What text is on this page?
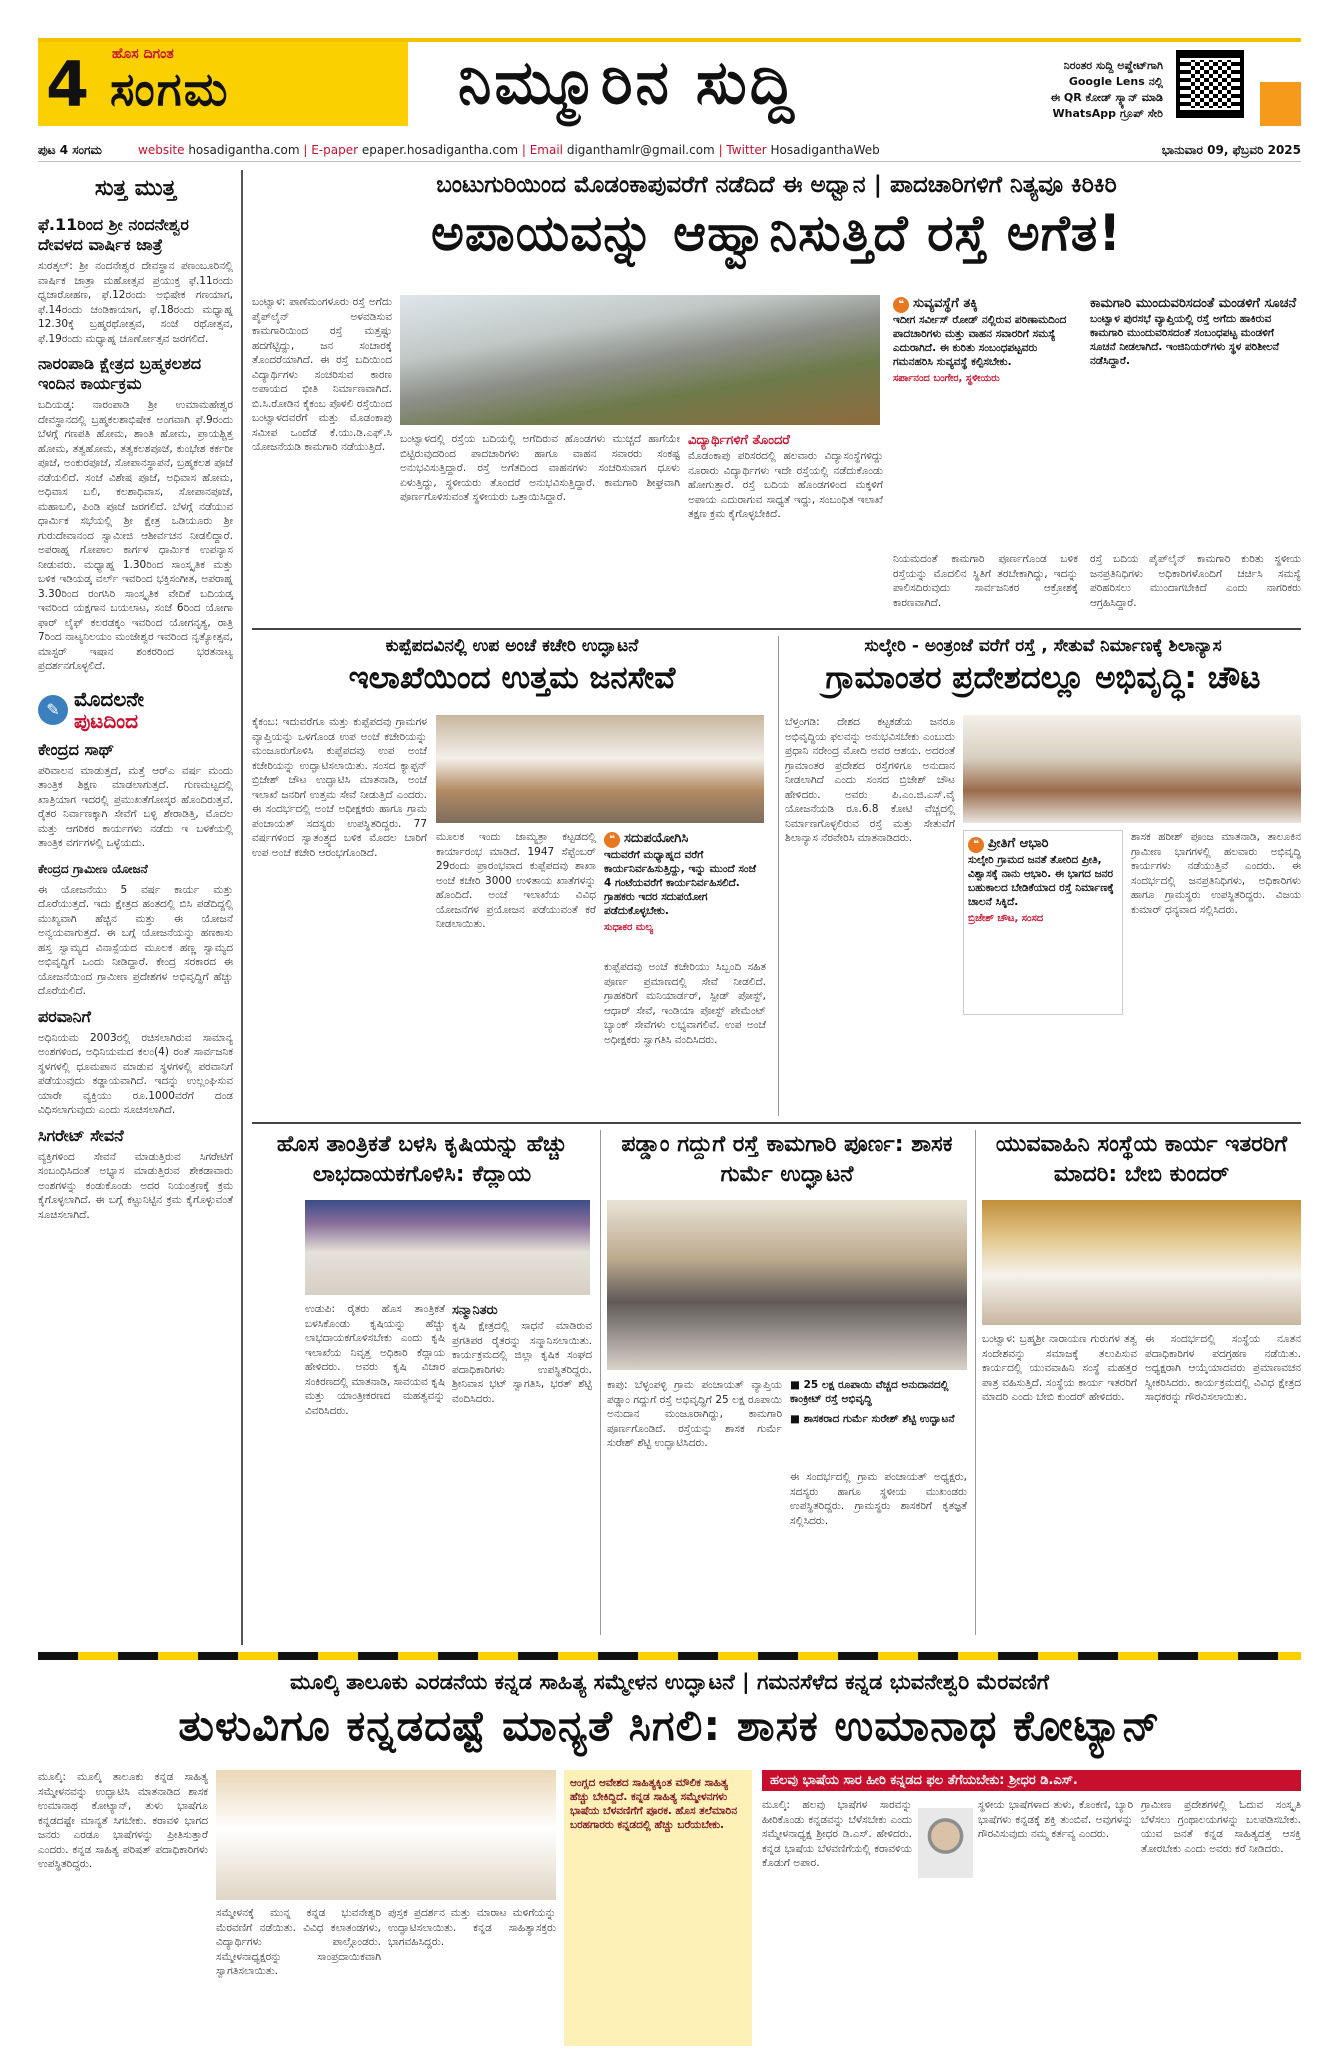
4 ಹೊಸ ದಿಗಂತ
ಸಂಗಮ	ನಿಮ್ಮೂರಿನ ಸುದ್ದಿ	ನಿರಂತರ ಸುದ್ದಿ ಅಪ್ಡೇಟ್‌ಗಾಗಿ
Google Lens ನಲ್ಲಿ
ಈ QR ಕೋಡ್ ಸ್ಕ್ಯಾನ್ ಮಾಡಿ
WhatsApp ಗ್ರೂಪ್ ಸೇರಿ
ಪುಟ 4 ಸಂಗಮ	website hosadigantha.com | E-paper epaper.hosadigantha.com | Email diganthamlr@gmail.com | Twitter HosadiganthaWeb	ಭಾನುವಾರ 09, ಫೆಬ್ರವರಿ 2025
ಸುತ್ತ ಮುತ್ತ
ಫೆ.11ರಿಂದ ಶ್ರೀ ನಂದನೇಶ್ವರ ದೇವಳದ ವಾರ್ಷಿಕ ಜಾತ್ರೆ
ಸುರತ್ಕಲ್: ಶ್ರೀ ನಂದನೇಶ್ವರ ದೇವಸ್ಥಾನ ಪಣಂಬೂರಿನಲ್ಲಿ ವಾರ್ಷಿಕ ಜಾತ್ರಾ ಮಹೋತ್ಸವ ಪ್ರಯುಕ್ತ ಫೆ.11ರಂದು ಧ್ವಜಾರೋಹಣ, ಫೆ.12ರಂದು ಅಭಿಷೇಕ ಗಣಯಾಗ, ಫೆ.14ರಂದು ಚಂಡಿಕಾಯಾಗ, ಫೆ.18ರಂದು ಮಧ್ಯಾಹ್ನ 12.30ಕ್ಕೆ ಬ್ರಹ್ಮರಥೋತ್ಸವ, ಸಂಜೆ ರಥೋತ್ಸವ, ಫೆ.19ರಂದು ಮಧ್ಯಾಹ್ನ ಚೂರ್ಣೋತ್ಸವ ಜರಗಲಿದೆ.
ನಾರಂಪಾಡಿ ಕ್ಷೇತ್ರದ ಬ್ರಹ್ಮಕಲಶದ ಇಂದಿನ ಕಾರ್ಯಕ್ರಮ
ಬದಿಯಡ್ಕ: ನಾರಂಪಾಡಿ ಶ್ರೀ ಉಮಾಮಹೇಶ್ವರ ದೇವಸ್ಥಾನದಲ್ಲಿ ಬ್ರಹ್ಮಕಲಶಾಭಿಷೇಕ ಅಂಗವಾಗಿ ಫೆ.9ರಂದು ಬೆಳಗ್ಗೆ ಗಣಪತಿ ಹೋಮ, ಶಾಂತಿ ಹೋಮ, ಪ್ರಾಯಶ್ಚಿತ್ತ ಹೋಮ, ತತ್ವಹೋಮ, ತತ್ವಕಲಶಪೂಜೆ, ಕುಂಭೇಶ ಕರ್ಕರೀ ಪೂಜೆ, ಅಂಕುರಪೂಜೆ, ಸೋಪಾನಸ್ಥಾಪನೆ, ಬ್ರಹ್ಮಕಲಶ ಪೂಜೆ ನಡೆಯಲಿದೆ. ಸಂಜೆ ವಿಶೇಷ ಪೂಜೆ, ಅಧಿವಾಸ ಹೋಮ, ಅಧಿವಾಸ ಬಲಿ, ಕಲಶಾಧಿವಾಸ, ಸೋಪಾನಪೂಜೆ, ಮಹಾಬಲಿ, ಪಿಂಡಿ ಪೂಜೆ ಜರಗಲಿದೆ. ಬೆಳಗ್ಗೆ ನಡೆಯುವ ಧಾರ್ಮಿಕ ಸಭೆಯಲ್ಲಿ ಶ್ರೀ ಕ್ಷೇತ್ರ ಒಡಿಯೂರು ಶ್ರೀ ಗುರುದೇವಾನಂದ ಸ್ವಾಮೀಜಿ ಆಶೀರ್ವಚನ ನೀಡಲಿದ್ದಾರೆ. ಅಪರಾಹ್ನ ಗೋಪಾಲ ಕಾರ್ಗಳ ಧಾರ್ಮಿಕ ಉಪನ್ಯಾಸ ನೀಡುವರು. ಮಧ್ಯಾಹ್ನ 1.30ರಿಂದ ಸಾಂಸ್ಕೃತಿಕ ಮತ್ತು ಬಳಿಕ ಇಡಿಯಡ್ಕ ವರ್ಲ್ ಇವರಿಂದ ಭಕ್ತಿಸಂಗೀತ, ಅಪರಾಹ್ನ 3.30ರಿಂದ ರಂಗಸಿರಿ ಸಾಂಸ್ಕೃತಿಕ ವೇದಿಕೆ ಬದಿಯಡ್ಕ ಇವರಿಂದ ಯಕ್ಷಗಾನ ಬಯಲಾಟ, ಸಂಜೆ 6ರಿಂದ ಯೋಗಾ ಫಾರ್ ಲೈಫ್ ಕಲರಡಕ್ಕಂ ಇವರಿಂದ ಯೋಗನೃತ್ಯ, ರಾತ್ರಿ 7ರಿಂದ ನಾಟ್ಯನಿಲಯಂ ಮಂಜೇಶ್ವರ ಇವರಿಂದ ನೃತ್ಯೋತ್ಸವ, ಮಾಸ್ಟರ್ ಇಷಾನ ಶಂಕರರಿಂದ ಭರತನಾಟ್ಯ ಪ್ರದರ್ಶನಗೊಳ್ಳಲಿದೆ.
✎ ಮೊದಲನೇ
ಪುಟದಿಂದ
ಕೇಂದ್ರದ ಸಾಥ್
ಪರಿವಾಲನ ಮಾಡುತ್ತದೆ, ಮತ್ತೆ ಆರ್‌ಎ ವರ್ಷ ಮಂದು ತಾಂತ್ರಿಕ ಶಿಕ್ಷಣ ಮಾಡಲಾಗುತ್ತದೆ. ಗುಣಮಟ್ಟದಲ್ಲಿ ಖಾತ್ರಿಯಾಗ ಇದರಲ್ಲಿ ಪ್ರಮುಖತೆಗೋಸ್ಕರ ಹೊಂದಿರುತ್ತವೆ. ರೈತರ ನಿರ್ವಾಣಕ್ಕಾಗಿ ಸೇವೆಗೆ ಬಳ್ಳಿ ಶೇರಾಡಿತ್ತಿ, ಮೊದಲ ಮತ್ತು ಆಗರಿಕರ ಕಾರ್ಯಗಳು ನಡೆದು ಇ ಬಳಕೆಯಲ್ಲಿ ತಾಂತ್ರಿಕ ವರ್ಗಗಳಲ್ಲಿ ಒಳ್ಳೆಯದು.
ಕೇಂದ್ರದ ಗ್ರಾಮೀಣ ಯೋಜನೆ
ಈ ಯೋಜನೆಯು 5 ವರ್ಷ ಕಾರ್ಯ ಮತ್ತು ದೊರೆಯುತ್ತದೆ. ಇದು ಕ್ಷೇತ್ರದ ಹಂತದಲ್ಲಿ ಬಿಸಿ ಪಡೆದಿದ್ದಲ್ಲಿ ಮುಖ್ಯವಾಗಿ ಹೆಚ್ಚಿನ ಮತ್ತು ಈ ಯೋಜನೆ ಅನ್ವಯವಾಗುತ್ತದೆ. ಈ ಬಗ್ಗೆ ಯೋಜನೆಯನ್ನು ಹಣಕಾಸು ಹಸ್ತ ಸ್ವಾಮ್ಯದ ವಿನಾಸ್ಪೆಯದ ಮೂಲಕ ಹಣ್ಣ ಸ್ವಾಮ್ಯದ ಅಭಿವೃದ್ಧಿಗೆ ಒಂದು ನೀಡಿದ್ದಾರೆ. ಕೇಂದ್ರ ಸರಕಾರದ ಈ ಯೋಜನೆಯಿಂದ ಗ್ರಾಮೀಣ ಪ್ರದೇಶಗಳ ಅಭಿವೃದ್ಧಿಗೆ ಹೆಚ್ಚು ದೊರೆಯಲಿದೆ.
ಪರವಾನಿಗೆ
ಅಧಿನಿಯಮ 2003ರಲ್ಲಿ ರಚಿಸಲಾಗಿರುವ ಸಾಮಾನ್ಯ ಅಂಶಗಳಿಂದ, ಅಧಿನಿಯಮದ ಕಲಂ(4) ರಂತೆ ಸಾರ್ವಜನಿಕ ಸ್ಥಳಗಳಲ್ಲಿ ಧೂಮಪಾನ ಮಾಡುವ ಸ್ಥಳಗಳಲ್ಲಿ ಪರವಾನಿಗೆ ಪಡೆಯುವುದು ಕಡ್ಡಾಯವಾಗಿದೆ. ಇದನ್ನು ಉಲ್ಲಂಘಿಸುವ ಯಾರೇ ವ್ಯಕ್ತಿಯು ರೂ.1000ವರೆಗೆ ದಂಡ ವಿಧಿಸಲಾಗುವುದು ಎಂದು ಸೂಚಿಸಲಾಗಿದೆ.
ಸಿಗರೇಟ್ ಸೇವನೆ
ವ್ಯಕ್ತಿಗಳಿಂದ ಸೇವನೆ ಮಾಡುತ್ತಿರುವ ಸಿಗರೇಟಿಗೆ ಸಂಬಂಧಿಸಿದಂತೆ ಅಭ್ಯಾಸ ಮಾಡುತ್ತಿರುವ ಶೇಕಡಾವಾರು ಅಂಶಗಳನ್ನು ಕಂಡುಕೊಂಡು ಅದರ ನಿಯಂತ್ರಣಕ್ಕೆ ಕ್ರಮ ಕೈಗೊಳ್ಳಲಾಗಿದೆ. ಈ ಬಗ್ಗೆ ಕಟ್ಟುನಿಟ್ಟಿನ ಕ್ರಮ ಕೈಗೊಳ್ಳುವಂತೆ ಸೂಚಿಸಲಾಗಿದೆ.
ಬಂಟುಗುರಿಯಿಂದ ಮೊಡಂಕಾಪುವರೆಗೆ ನಡೆದಿದೆ ಈ ಅಧ್ವಾನ | ಪಾದಚಾರಿಗಳಿಗೆ ನಿತ್ಯವೂ ಕಿರಿಕಿರಿ
ಅಪಾಯವನ್ನು ಆಹ್ವಾನಿಸುತ್ತಿದೆ ರಸ್ತೆ ಅಗೆತ!
ಬಂಟ್ವಾಳ: ಪಾಣೆಮಂಗಳೂರು ರಸ್ತೆ ಅಗೆದು ಪೈಪ್‌ಲೈನ್ ಅಳವಡಿಸುವ ಕಾಮಗಾರಿಯಿಂದ ರಸ್ತೆ ಮತ್ತಷ್ಟು ಹದಗೆಟ್ಟಿದ್ದು, ಜನ ಸಂಚಾರಕ್ಕೆ ತೊಂದರೆಯಾಗಿದೆ. ಈ ರಸ್ತೆ ಬದಿಯಿಂದ ವಿದ್ಯಾರ್ಥಿಗಳು ಸಂಚರಿಸುವ ಕಾರಣ ಅಪಾಯದ ಭೀತಿ ನಿರ್ಮಾಣವಾಗಿದೆ. ಬಿ.ಸಿ.ರೋಡಿನ ಕೈಕಂಬ ಪೊಳಲಿ ರಸ್ತೆಯಿಂದ ಬಂಟ್ವಾಳದವರೆಗೆ ಮತ್ತು ಮೊಡಂಕಾಪು ಸಮೀಪ ಒಂದೆಡೆ ಕೆ.ಯು.ಡಿ.ಎಫ್.ಸಿ ಯೋಜನೆಯಡಿ ಕಾಮಗಾರಿ ನಡೆಯುತ್ತಿದೆ.
ಬಂಟ್ವಾಳದಲ್ಲಿ ರಸ್ತೆಯ ಬದಿಯಲ್ಲಿ ಅಗೆದಿರುವ ಹೊಂಡಗಳು ಮುಚ್ಚದೆ ಹಾಗೆಯೇ ಬಿಟ್ಟಿರುವುದರಿಂದ ಪಾದಚಾರಿಗಳು ಹಾಗೂ ವಾಹನ ಸವಾರರು ಸಂಕಷ್ಟ ಅನುಭವಿಸುತ್ತಿದ್ದಾರೆ. ರಸ್ತೆ ಅಗೆತದಿಂದ ವಾಹನಗಳು ಸಂಚರಿಸುವಾಗ ಧೂಳು ಏಳುತ್ತಿದ್ದು, ಸ್ಥಳೀಯರು ತೊಂದರೆ ಅನುಭವಿಸುತ್ತಿದ್ದಾರೆ. ಕಾಮಗಾರಿ ಶೀಘ್ರವಾಗಿ ಪೂರ್ಣಗೊಳಿಸುವಂತೆ ಸ್ಥಳೀಯರು ಒತ್ತಾಯಿಸಿದ್ದಾರೆ.
ವಿದ್ಯಾರ್ಥಿಗಳಿಗೆ ತೊಂದರೆ
ಮೊಡಂಕಾಪು ಪರಿಸರದಲ್ಲಿ ಹಲವಾರು ವಿದ್ಯಾಸಂಸ್ಥೆಗಳಿದ್ದು ನೂರಾರು ವಿದ್ಯಾರ್ಥಿಗಳು ಇದೇ ರಸ್ತೆಯಲ್ಲಿ ನಡೆದುಕೊಂಡು ಹೋಗುತ್ತಾರೆ. ರಸ್ತೆ ಬದಿಯ ಹೊಂಡಗಳಿಂದ ಮಕ್ಕಳಿಗೆ ಅಪಾಯ ಎದುರಾಗುವ ಸಾಧ್ಯತೆ ಇದ್ದು, ಸಂಬಂಧಿತ ಇಲಾಖೆ ತಕ್ಷಣ ಕ್ರಮ ಕೈಗೊಳ್ಳಬೇಕಿದೆ.
❝ ಸುವ್ಯವಸ್ಥೆಗೆ ತಕ್ಕಿ
ಇದೀಗ ಸರ್ವೀಸ್ ರೋಡ್ ನಲ್ಲಿರುವ ಪರಿಣಾಮದಿಂದ ಪಾದಚಾರಿಗಳು ಮತ್ತು ವಾಹನ ಸವಾರರಿಗೆ ಸಮಸ್ಯೆ ಎದುರಾಗಿದೆ. ಈ ಕುರಿತು ಸಂಬಂಧಪಟ್ಟವರು ಗಮನಹರಿಸಿ ಸುವ್ಯವಸ್ಥೆ ಕಲ್ಪಿಸಬೇಕು.
ಸರ್ಪಾನಂದ ಬಂಗೇರ, ಸ್ಥಳೀಯರು
ಕಾಮಗಾರಿ ಮುಂದುವರಿಸದಂತೆ ಮಂಡಳಿಗೆ ಸೂಚನೆ
ಬಂಟ್ವಾಳ ಪುರಸಭೆ ವ್ಯಾಪ್ತಿಯಲ್ಲಿ ರಸ್ತೆ ಅಗೆದು ಹಾಕಿರುವ ಕಾಮಗಾರಿ ಮುಂದುವರಿಸದಂತೆ ಸಂಬಂಧಪಟ್ಟ ಮಂಡಳಿಗೆ ಸೂಚನೆ ನೀಡಲಾಗಿದೆ. ಇಂಜಿನಿಯರ್‌ಗಳು ಸ್ಥಳ ಪರಿಶೀಲನೆ ನಡೆಸಿದ್ದಾರೆ.
ನಿಯಮದಂತೆ ಕಾಮಗಾರಿ ಪೂರ್ಣಗೊಂಡ ಬಳಿಕ ರಸ್ತೆಯನ್ನು ಮೊದಲಿನ ಸ್ಥಿತಿಗೆ ತರಬೇಕಾಗಿದ್ದು, ಇದನ್ನು ಪಾಲಿಸದಿರುವುದು ಸಾರ್ವಜನಿಕರ ಆಕ್ರೋಶಕ್ಕೆ ಕಾರಣವಾಗಿದೆ.
ರಸ್ತೆ ಬದಿಯ ಪೈಪ್‌ಲೈನ್ ಕಾಮಗಾರಿ ಕುರಿತು ಸ್ಥಳೀಯ ಜನಪ್ರತಿನಿಧಿಗಳು ಅಧಿಕಾರಿಗಳೊಂದಿಗೆ ಚರ್ಚಿಸಿ ಸಮಸ್ಯೆ ಪರಿಹರಿಸಲು ಮುಂದಾಗಬೇಕಿದೆ ಎಂದು ನಾಗರಿಕರು ಆಗ್ರಹಿಸಿದ್ದಾರೆ.
ಕುಪ್ಪೆಪದವಿನಲ್ಲಿ ಉಪ ಅಂಚೆ ಕಚೇರಿ ಉದ್ಘಾಟನೆ
ಇಲಾಖೆಯಿಂದ ಉತ್ತಮ ಜನಸೇವೆ
ಕೈಕಂಬ: ಇದುವರೆಗೂ ಮತ್ತು ಕುಪ್ಪೆಪದವು ಗ್ರಾಮಗಳ ವ್ಯಾಪ್ತಿಯನ್ನು ಒಳಗೊಂಡ ಉಪ ಅಂಚೆ ಕಚೇರಿಯನ್ನು ಮಂಜೂರುಗೊಳಿಸಿ ಕುಪ್ಪೆಪದವು ಉಪ ಅಂಚೆ ಕಚೇರಿಯನ್ನು ಉದ್ಘಾಟಿಸಲಾಯಿತು. ಸಂಸದ ಕ್ಯಾಪ್ಟನ್ ಬ್ರಿಜೇಶ್ ಚೌಟ ಉದ್ಘಾಟಿಸಿ ಮಾತನಾಡಿ, ಅಂಚೆ ಇಲಾಖೆ ಜನರಿಗೆ ಉತ್ತಮ ಸೇವೆ ನೀಡುತ್ತಿದೆ ಎಂದರು. ಈ ಸಂದರ್ಭದಲ್ಲಿ ಅಂಚೆ ಅಧೀಕ್ಷಕರು ಹಾಗೂ ಗ್ರಾಮ ಪಂಚಾಯತ್ ಸದಸ್ಯರು ಉಪಸ್ಥಿತರಿದ್ದರು. 77 ವರ್ಷಗಳಿಂದ ಸ್ವಾತಂತ್ರ್ಯದ ಬಳಿಕ ಮೊದಲ ಬಾರಿಗೆ ಉಪ ಅಂಚೆ ಕಚೇರಿ ಆರಂಭಗೊಂಡಿದೆ.
ಮೂಲಕ ಇಂದು ಜಾಮ್ಯತ್ರಾ ಕಟ್ಟಡದಲ್ಲಿ ಕಾರ್ಯಾರಂಭ ಮಾಡಿದೆ. 1947 ಸೆಪ್ಟೆಂಬರ್ 29ರಂದು ಪ್ರಾರಂಭವಾದ ಕುಪ್ಪೆಪದವು ಶಾಖಾ ಅಂಚೆ ಕಚೇರಿ 3000 ಉಳಿತಾಯ ಖಾತೆಗಳನ್ನು ಹೊಂದಿದೆ. ಅಂಚೆ ಇಲಾಖೆಯ ವಿವಿಧ ಯೋಜನೆಗಳ ಪ್ರಯೋಜನ ಪಡೆಯುವಂತೆ ಕರೆ ನೀಡಲಾಯಿತು.
❝ ಸದುಪಯೋಗಿಸಿ
ಇದುವರೆಗೆ ಮಧ್ಯಾಹ್ನದ ವರೆಗೆ ಕಾರ್ಯನಿರ್ವಹಿಸುತ್ತಿದ್ದು, ಇನ್ನು ಮುಂದೆ ಸಂಜೆ 4 ಗಂಟೆಯವರೆಗೆ ಕಾರ್ಯನಿರ್ವಹಿಸಲಿದೆ. ಗ್ರಾಹಕರು ಇದರ ಸದುಪಯೋಗ ಪಡೆದುಕೊಳ್ಳಬೇಕು.
ಸುಧಾಕರ ಮಲ್ಯ
ಕುಪ್ಪೆಪದವು ಅಂಚೆ ಕಚೇರಿಯು ಸಿಬ್ಬಂದಿ ಸಹಿತ ಪೂರ್ಣ ಪ್ರಮಾಣದಲ್ಲಿ ಸೇವೆ ನೀಡಲಿದೆ. ಗ್ರಾಹಕರಿಗೆ ಮನಿಯಾರ್ಡರ್, ಸ್ಪೀಡ್ ಪೋಸ್ಟ್, ಆಧಾರ್ ಸೇವೆ, ಇಂಡಿಯಾ ಪೋಸ್ಟ್ ಪೇಮೆಂಟ್ ಬ್ಯಾಂಕ್ ಸೇವೆಗಳು ಲಭ್ಯವಾಗಲಿವೆ. ಉಪ ಅಂಚೆ ಅಧೀಕ್ಷಕರು ಸ್ವಾಗತಿಸಿ ವಂದಿಸಿದರು.
ಸುಲ್ಕೇರಿ - ಅಂತ್ರಂಜೆ ವರೆಗೆ ರಸ್ತೆ , ಸೇತುವೆ ನಿರ್ಮಾಣಕ್ಕೆ ಶಿಲಾನ್ಯಾಸ
ಗ್ರಾಮಾಂತರ ಪ್ರದೇಶದಲ್ಲೂ ಅಭಿವೃದ್ಧಿ: ಚೌಟ
ಬೆಳ್ತಂಗಡಿ: ದೇಶದ ಕಟ್ಟಕಡೆಯ ಜನರೂ ಅಭಿವೃದ್ಧಿಯ ಫಲವನ್ನು ಅನುಭವಿಸಬೇಕು ಎಂಬುದು ಪ್ರಧಾನಿ ನರೇಂದ್ರ ಮೋದಿ ಅವರ ಆಶಯ. ಅದರಂತೆ ಗ್ರಾಮಾಂತರ ಪ್ರದೇಶದ ರಸ್ತೆಗಳಿಗೂ ಅನುದಾನ ನೀಡಲಾಗಿದೆ ಎಂದು ಸಂಸದ ಬ್ರಿಜೇಶ್ ಚೌಟ ಹೇಳಿದರು. ಅವರು ಪಿ.ಎಂ.ಜಿ.ಎಸ್.ವೈ ಯೋಜನೆಯಡಿ ರೂ.6.8 ಕೋಟಿ ವೆಚ್ಚದಲ್ಲಿ ನಿರ್ಮಾಣಗೊಳ್ಳಲಿರುವ ರಸ್ತೆ ಮತ್ತು ಸೇತುವೆಗೆ ಶಿಲಾನ್ಯಾಸ ನೆರವೇರಿಸಿ ಮಾತನಾಡಿದರು.
❝ ಪ್ರೀತಿಗೆ ಆಭಾರಿ
ಸುಲ್ಕೇರಿ ಗ್ರಾಮದ ಜನತೆ ತೋರಿದ ಪ್ರೀತಿ, ವಿಶ್ವಾಸಕ್ಕೆ ನಾನು ಆಭಾರಿ. ಈ ಭಾಗದ ಜನರ ಬಹುಕಾಲದ ಬೇಡಿಕೆಯಾದ ರಸ್ತೆ ನಿರ್ಮಾಣಕ್ಕೆ ಚಾಲನೆ ಸಿಕ್ಕಿದೆ.
ಬ್ರಿಜೇಶ್ ಚೌಟ, ಸಂಸದ
ಶಾಸಕ ಹರೀಶ್ ಪೂಂಜ ಮಾತನಾಡಿ, ತಾಲೂಕಿನ ಗ್ರಾಮೀಣ ಭಾಗಗಳಲ್ಲಿ ಹಲವಾರು ಅಭಿವೃದ್ಧಿ ಕಾರ್ಯಗಳು ನಡೆಯುತ್ತಿವೆ ಎಂದರು. ಈ ಸಂದರ್ಭದಲ್ಲಿ ಜನಪ್ರತಿನಿಧಿಗಳು, ಅಧಿಕಾರಿಗಳು ಹಾಗೂ ಗ್ರಾಮಸ್ಥರು ಉಪಸ್ಥಿತರಿದ್ದರು. ವಿಜಯ ಕುಮಾರ್ ಧನ್ಯವಾದ ಸಲ್ಲಿಸಿದರು.
ಹೊಸ ತಾಂತ್ರಿಕತೆ ಬಳಸಿ ಕೃಷಿಯನ್ನು ಹೆಚ್ಚು ಲಾಭದಾಯಕಗೊಳಿಸಿ: ಕೆದ್ಲಾಯ
ಉಡುಪಿ: ರೈತರು ಹೊಸ ತಾಂತ್ರಿಕತೆ ಬಳಸಿಕೊಂಡು ಕೃಷಿಯನ್ನು ಹೆಚ್ಚು ಲಾಭದಾಯಕಗೊಳಿಸಬೇಕು ಎಂದು ಕೃಷಿ ಇಲಾಖೆಯ ನಿವೃತ್ತ ಅಧಿಕಾರಿ ಕೆದ್ಲಾಯ ಹೇಳಿದರು. ಅವರು ಕೃಷಿ ವಿಚಾರ ಸಂಕಿರಣದಲ್ಲಿ ಮಾತನಾಡಿ, ಸಾವಯವ ಕೃಷಿ ಮತ್ತು ಯಾಂತ್ರೀಕರಣದ ಮಹತ್ವವನ್ನು ವಿವರಿಸಿದರು.
ಸನ್ಮಾನಿತರು
ಕೃಷಿ ಕ್ಷೇತ್ರದಲ್ಲಿ ಸಾಧನೆ ಮಾಡಿರುವ ಪ್ರಗತಿಪರ ರೈತರನ್ನು ಸನ್ಮಾನಿಸಲಾಯಿತು. ಕಾರ್ಯಕ್ರಮದಲ್ಲಿ ಜಿಲ್ಲಾ ಕೃಷಿಕ ಸಂಘದ ಪದಾಧಿಕಾರಿಗಳು ಉಪಸ್ಥಿತರಿದ್ದರು. ಶ್ರೀನಿವಾಸ ಭಟ್ ಸ್ವಾಗತಿಸಿ, ಭರತ್ ಶೆಟ್ಟಿ ವಂದಿಸಿದರು.
ಪಡ್ಡಾಂ ಗದ್ದುಗೆ ರಸ್ತೆ ಕಾಮಗಾರಿ ಪೂರ್ಣ: ಶಾಸಕ ಗುರ್ಮೆ ಉದ್ಘಾಟನೆ
ಕಾಪು: ಬೆಳ್ಳಂಪಳ್ಳಿ ಗ್ರಾಮ ಪಂಚಾಯತ್ ವ್ಯಾಪ್ತಿಯ ಪಡ್ಡಾಂ ಗದ್ದುಗೆ ರಸ್ತೆ ಅಭಿವೃದ್ಧಿಗೆ 25 ಲಕ್ಷ ರೂಪಾಯಿ ಅನುದಾನ ಮಂಜೂರಾಗಿದ್ದು, ಕಾಮಗಾರಿ ಪೂರ್ಣಗೊಂಡಿದೆ. ರಸ್ತೆಯನ್ನು ಶಾಸಕ ಗುರ್ಮೆ ಸುರೇಶ್ ಶೆಟ್ಟಿ ಉದ್ಘಾಟಿಸಿದರು.
■ 25 ಲಕ್ಷ ರೂಪಾಯಿ ವೆಚ್ಚದ ಅನುದಾನದಲ್ಲಿ ಕಾಂಕ್ರೀಟ್ ರಸ್ತೆ ಅಭಿವೃದ್ಧಿ
■ ಶಾಸಕರಾದ ಗುರ್ಮೆ ಸುರೇಶ್ ಶೆಟ್ಟಿ ಉದ್ಘಾಟನೆ
ಈ ಸಂದರ್ಭದಲ್ಲಿ ಗ್ರಾಮ ಪಂಚಾಯತ್ ಅಧ್ಯಕ್ಷರು, ಸದಸ್ಯರು ಹಾಗೂ ಸ್ಥಳೀಯ ಮುಖಂಡರು ಉಪಸ್ಥಿತರಿದ್ದರು. ಗ್ರಾಮಸ್ಥರು ಶಾಸಕರಿಗೆ ಕೃತಜ್ಞತೆ ಸಲ್ಲಿಸಿದರು.
ಯುವವಾಹಿನಿ ಸಂಸ್ಥೆಯ ಕಾರ್ಯ ಇತರರಿಗೆ ಮಾದರಿ: ಬೇಬಿ ಕುಂದರ್
ಬಂಟ್ವಾಳ: ಬ್ರಹ್ಮಶ್ರೀ ನಾರಾಯಣ ಗುರುಗಳ ತತ್ವ ಸಂದೇಶವನ್ನು ಸಮಾಜಕ್ಕೆ ತಲುಪಿಸುವ ಕಾರ್ಯದಲ್ಲಿ ಯುವವಾಹಿನಿ ಸಂಸ್ಥೆ ಮಹತ್ತರ ಪಾತ್ರ ವಹಿಸುತ್ತಿದೆ. ಸಂಸ್ಥೆಯ ಕಾರ್ಯ ಇತರರಿಗೆ ಮಾದರಿ ಎಂದು ಬೇಬಿ ಕುಂದರ್ ಹೇಳಿದರು.
ಈ ಸಂದರ್ಭದಲ್ಲಿ ಸಂಸ್ಥೆಯ ನೂತನ ಪದಾಧಿಕಾರಿಗಳ ಪದಗ್ರಹಣ ನಡೆಯಿತು. ಅಧ್ಯಕ್ಷರಾಗಿ ಆಯ್ಕೆಯಾದವರು ಪ್ರಮಾಣವಚನ ಸ್ವೀಕರಿಸಿದರು. ಕಾರ್ಯಕ್ರಮದಲ್ಲಿ ವಿವಿಧ ಕ್ಷೇತ್ರದ ಸಾಧಕರನ್ನು ಗೌರವಿಸಲಾಯಿತು.
ಮೂಲ್ಕಿ ತಾಲೂಕು ಎರಡನೆಯ ಕನ್ನಡ ಸಾಹಿತ್ಯ ಸಮ್ಮೇಳನ ಉದ್ಘಾಟನೆ | ಗಮನಸೆಳೆದ ಕನ್ನಡ ಭುವನೇಶ್ವರಿ ಮೆರವಣಿಗೆ
ತುಳುವಿಗೂ ಕನ್ನಡದಷ್ಟೆ ಮಾನ್ಯತೆ ಸಿಗಲಿ: ಶಾಸಕ ಉಮಾನಾಥ ಕೋಟ್ಯಾನ್
ಮೂಲ್ಕಿ: ಮೂಲ್ಕಿ ತಾಲೂಕು ಕನ್ನಡ ಸಾಹಿತ್ಯ ಸಮ್ಮೇಳನವನ್ನು ಉದ್ಘಾಟಿಸಿ ಮಾತನಾಡಿದ ಶಾಸಕ ಉಮಾನಾಥ ಕೋಟ್ಯಾನ್, ತುಳು ಭಾಷೆಗೂ ಕನ್ನಡದಷ್ಟೇ ಮಾನ್ಯತೆ ಸಿಗಬೇಕು. ಕರಾವಳಿ ಭಾಗದ ಜನರು ಎರಡೂ ಭಾಷೆಗಳನ್ನು ಪ್ರೀತಿಸುತ್ತಾರೆ ಎಂದರು. ಕನ್ನಡ ಸಾಹಿತ್ಯ ಪರಿಷತ್ ಪದಾಧಿಕಾರಿಗಳು ಉಪಸ್ಥಿತರಿದ್ದರು.
ಸಮ್ಮೇಳನಕ್ಕೆ ಮುನ್ನ ಕನ್ನಡ ಭುವನೇಶ್ವರಿ ಮೆರವಣಿಗೆ ನಡೆಯಿತು. ವಿವಿಧ ಕಲಾತಂಡಗಳು, ವಿದ್ಯಾರ್ಥಿಗಳು ಪಾಲ್ಗೊಂಡರು. ಸಮ್ಮೇಳನಾಧ್ಯಕ್ಷರನ್ನು ಸಾಂಪ್ರದಾಯಿಕವಾಗಿ ಸ್ವಾಗತಿಸಲಾಯಿತು.
ಪುಸ್ತಕ ಪ್ರದರ್ಶನ ಮತ್ತು ಮಾರಾಟ ಮಳಿಗೆಯನ್ನು ಉದ್ಘಾಟಿಸಲಾಯಿತು. ಕನ್ನಡ ಸಾಹಿತ್ಯಾಸಕ್ತರು ಭಾಗವಹಿಸಿದ್ದರು.
ಆಂಗ್ಲದ ಆವೇಶದ ಸಾಹಿತ್ಯಕ್ಕಿಂತ ಮೌಲಿಕ ಸಾಹಿತ್ಯ ಹೆಚ್ಚು ಬೇಕಿದ್ದಿದೆ. ಕನ್ನಡ ಸಾಹಿತ್ಯ ಸಮ್ಮೇಳನಗಳು ಭಾಷೆಯ ಬೆಳವಣಿಗೆಗೆ ಪೂರಕ. ಹೊಸ ತಲೆಮಾರಿನ ಬರಹಗಾರರು ಕನ್ನಡದಲ್ಲಿ ಹೆಚ್ಚು ಬರೆಯಬೇಕು.
ಹಲವು ಭಾಷೆಯ ಸಾರ ಹೀರಿ ಕನ್ನಡದ ಫಲ ತೆಗೆಯಬೇಕು: ಶ್ರೀಧರ ಡಿ.ಎಸ್.
ಮೂಲ್ಕಿ: ಹಲವು ಭಾಷೆಗಳ ಸಾರವನ್ನು ಹೀರಿಕೊಂಡು ಕನ್ನಡವನ್ನು ಬೆಳೆಸಬೇಕು ಎಂದು ಸಮ್ಮೇಳನಾಧ್ಯಕ್ಷ ಶ್ರೀಧರ ಡಿ.ಎಸ್. ಹೇಳಿದರು. ಕನ್ನಡ ಭಾಷೆಯ ಬೆಳವಣಿಗೆಯಲ್ಲಿ ಕರಾವಳಿಯ ಕೊಡುಗೆ ಅಪಾರ.
ಸ್ಥಳೀಯ ಭಾಷೆಗಳಾದ ತುಳು, ಕೊಂಕಣಿ, ಬ್ಯಾರಿ ಭಾಷೆಗಳು ಕನ್ನಡಕ್ಕೆ ಶಕ್ತಿ ತುಂಬಿವೆ. ಅವುಗಳನ್ನು ಗೌರವಿಸುವುದು ನಮ್ಮ ಕರ್ತವ್ಯ ಎಂದರು.
ಗ್ರಾಮೀಣ ಪ್ರದೇಶಗಳಲ್ಲಿ ಓದುವ ಸಂಸ್ಕೃತಿ ಬೆಳೆಸಲು ಗ್ರಂಥಾಲಯಗಳನ್ನು ಬಲಪಡಿಸಬೇಕು. ಯುವ ಜನತೆ ಕನ್ನಡ ಸಾಹಿತ್ಯದತ್ತ ಆಸಕ್ತಿ ತೋರಬೇಕು ಎಂದು ಅವರು ಕರೆ ನೀಡಿದರು.
